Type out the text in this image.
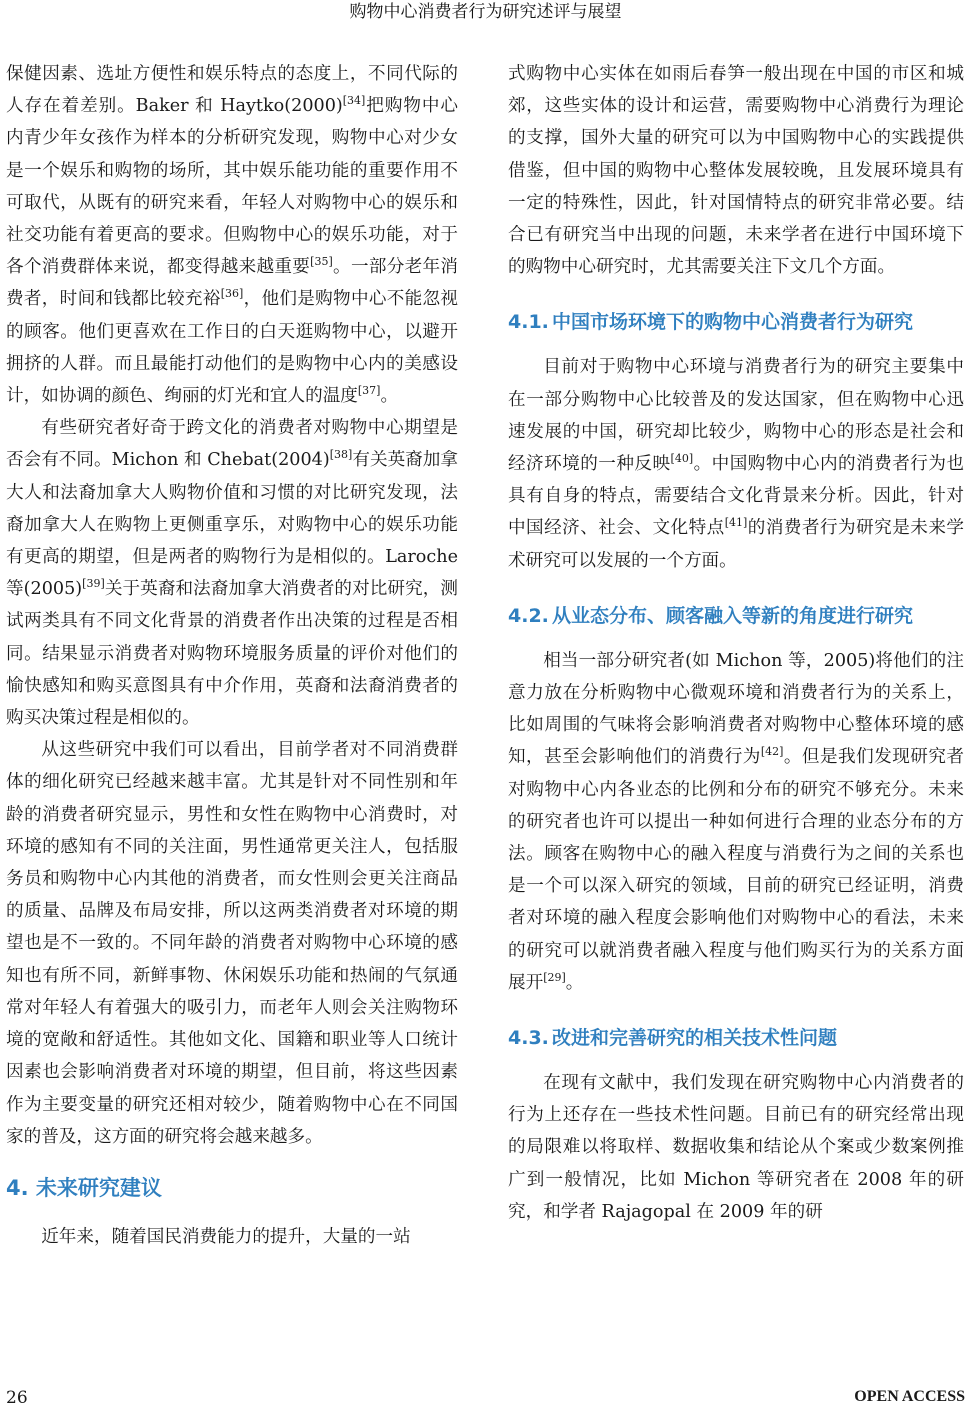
购物中心消费者行为研究述评与展望

保健因素、选址方便性和娱乐特点的态度上，不同代际的人存在着差别。Baker 和 Haytko(2000)[34]把购物中心内青少年女孩作为样本的分析研究发现，购物中心对少女是一个娱乐和购物的场所，其中娱乐能功能的重要作用不可取代，从既有的研究来看，年轻人对购物中心的娱乐和社交功能有着更高的要求。但购物中心的娱乐功能，对于各个消费群体来说，都变得越来越重要[35]。一部分老年消费者，时间和钱都比较充裕[36]，他们是购物中心不能忽视的顾客。他们更喜欢在工作日的白天逛购物中心，以避开拥挤的人群。而且最能打动他们的是购物中心内的美感设计，如协调的颜色、绚丽的灯光和宜人的温度[37]。

有些研究者好奇于跨文化的消费者对购物中心期望是否会有不同。Michon 和 Chebat(2004)[38]有关英裔加拿大人和法裔加拿大人购物价值和习惯的对比研究发现，法裔加拿大人在购物上更侧重享乐，对购物中心的娱乐功能有更高的期望，但是两者的购物行为是相似的。Laroche 等(2005)[39]关于英裔和法裔加拿大消费者的对比研究，测试两类具有不同文化背景的消费者作出决策的过程是否相同。结果显示消费者对购物环境服务质量的评价对他们的愉快感知和购买意图具有中介作用，英裔和法裔消费者的购买决策过程是相似的。

从这些研究中我们可以看出，目前学者对不同消费群体的细化研究已经越来越丰富。尤其是针对不同性别和年龄的消费者研究显示，男性和女性在购物中心消费时，对环境的感知有不同的关注面，男性通常更关注人，包括服务员和购物中心内其他的消费者，而女性则会更关注商品的质量、品牌及布局安排，所以这两类消费者对环境的期望也是不一致的。不同年龄的消费者对购物中心环境的感知也有所不同，新鲜事物、休闲娱乐功能和热闹的气氛通常对年轻人有着强大的吸引力，而老年人则会关注购物环境的宽敞和舒适性。其他如文化、国籍和职业等人口统计因素也会影响消费者对环境的期望，但目前，将这些因素作为主要变量的研究还相对较少，随着购物中心在不同国家的普及，这方面的研究将会越来越多。

4. 未来研究建议

近年来，随着国民消费能力的提升，大量的一站

式购物中心实体在如雨后春笋一般出现在中国的市区和城郊，这些实体的设计和运营，需要购物中心消费行为理论的支撑，国外大量的研究可以为中国购物中心的实践提供借鉴，但中国的购物中心整体发展较晚，且发展环境具有一定的特殊性，因此，针对国情特点的研究非常必要。结合已有研究当中出现的问题，未来学者在进行中国环境下的购物中心研究时，尤其需要关注下文几个方面。

4.1. 中国市场环境下的购物中心消费者行为研究

目前对于购物中心环境与消费者行为的研究主要集中在一部分购物中心比较普及的发达国家，但在购物中心迅速发展的中国，研究却比较少，购物中心的形态是社会和经济环境的一种反映[40]。中国购物中心内的消费者行为也具有自身的特点，需要结合文化背景来分析。因此，针对中国经济、社会、文化特点[41]的消费者行为研究是未来学术研究可以发展的一个方面。

4.2. 从业态分布、顾客融入等新的角度进行研究

相当一部分研究者(如 Michon 等，2005)将他们的注意力放在分析购物中心微观环境和消费者行为的关系上，比如周围的气味将会影响消费者对购物中心整体环境的感知，甚至会影响他们的消费行为[42]。但是我们发现研究者对购物中心内各业态的比例和分布的研究不够充分。未来的研究者也许可以提出一种如何进行合理的业态分布的方法。顾客在购物中心的融入程度与消费行为之间的关系也是一个可以深入研究的领域，目前的研究已经证明，消费者对环境的融入程度会影响他们对购物中心的看法，未来的研究可以就消费者融入程度与他们购买行为的关系方面展开[29]。

4.3. 改进和完善研究的相关技术性问题

在现有文献中，我们发现在研究购物中心内消费者的行为上还存在一些技术性问题。目前已有的研究经常出现的局限难以将取样、数据收集和结论从个案或少数案例推广到一般情况，比如 Michon 等研究者在 2008 年的研究，和学者 Rajagopal 在 2009 年的研

26	OPEN ACCESS
